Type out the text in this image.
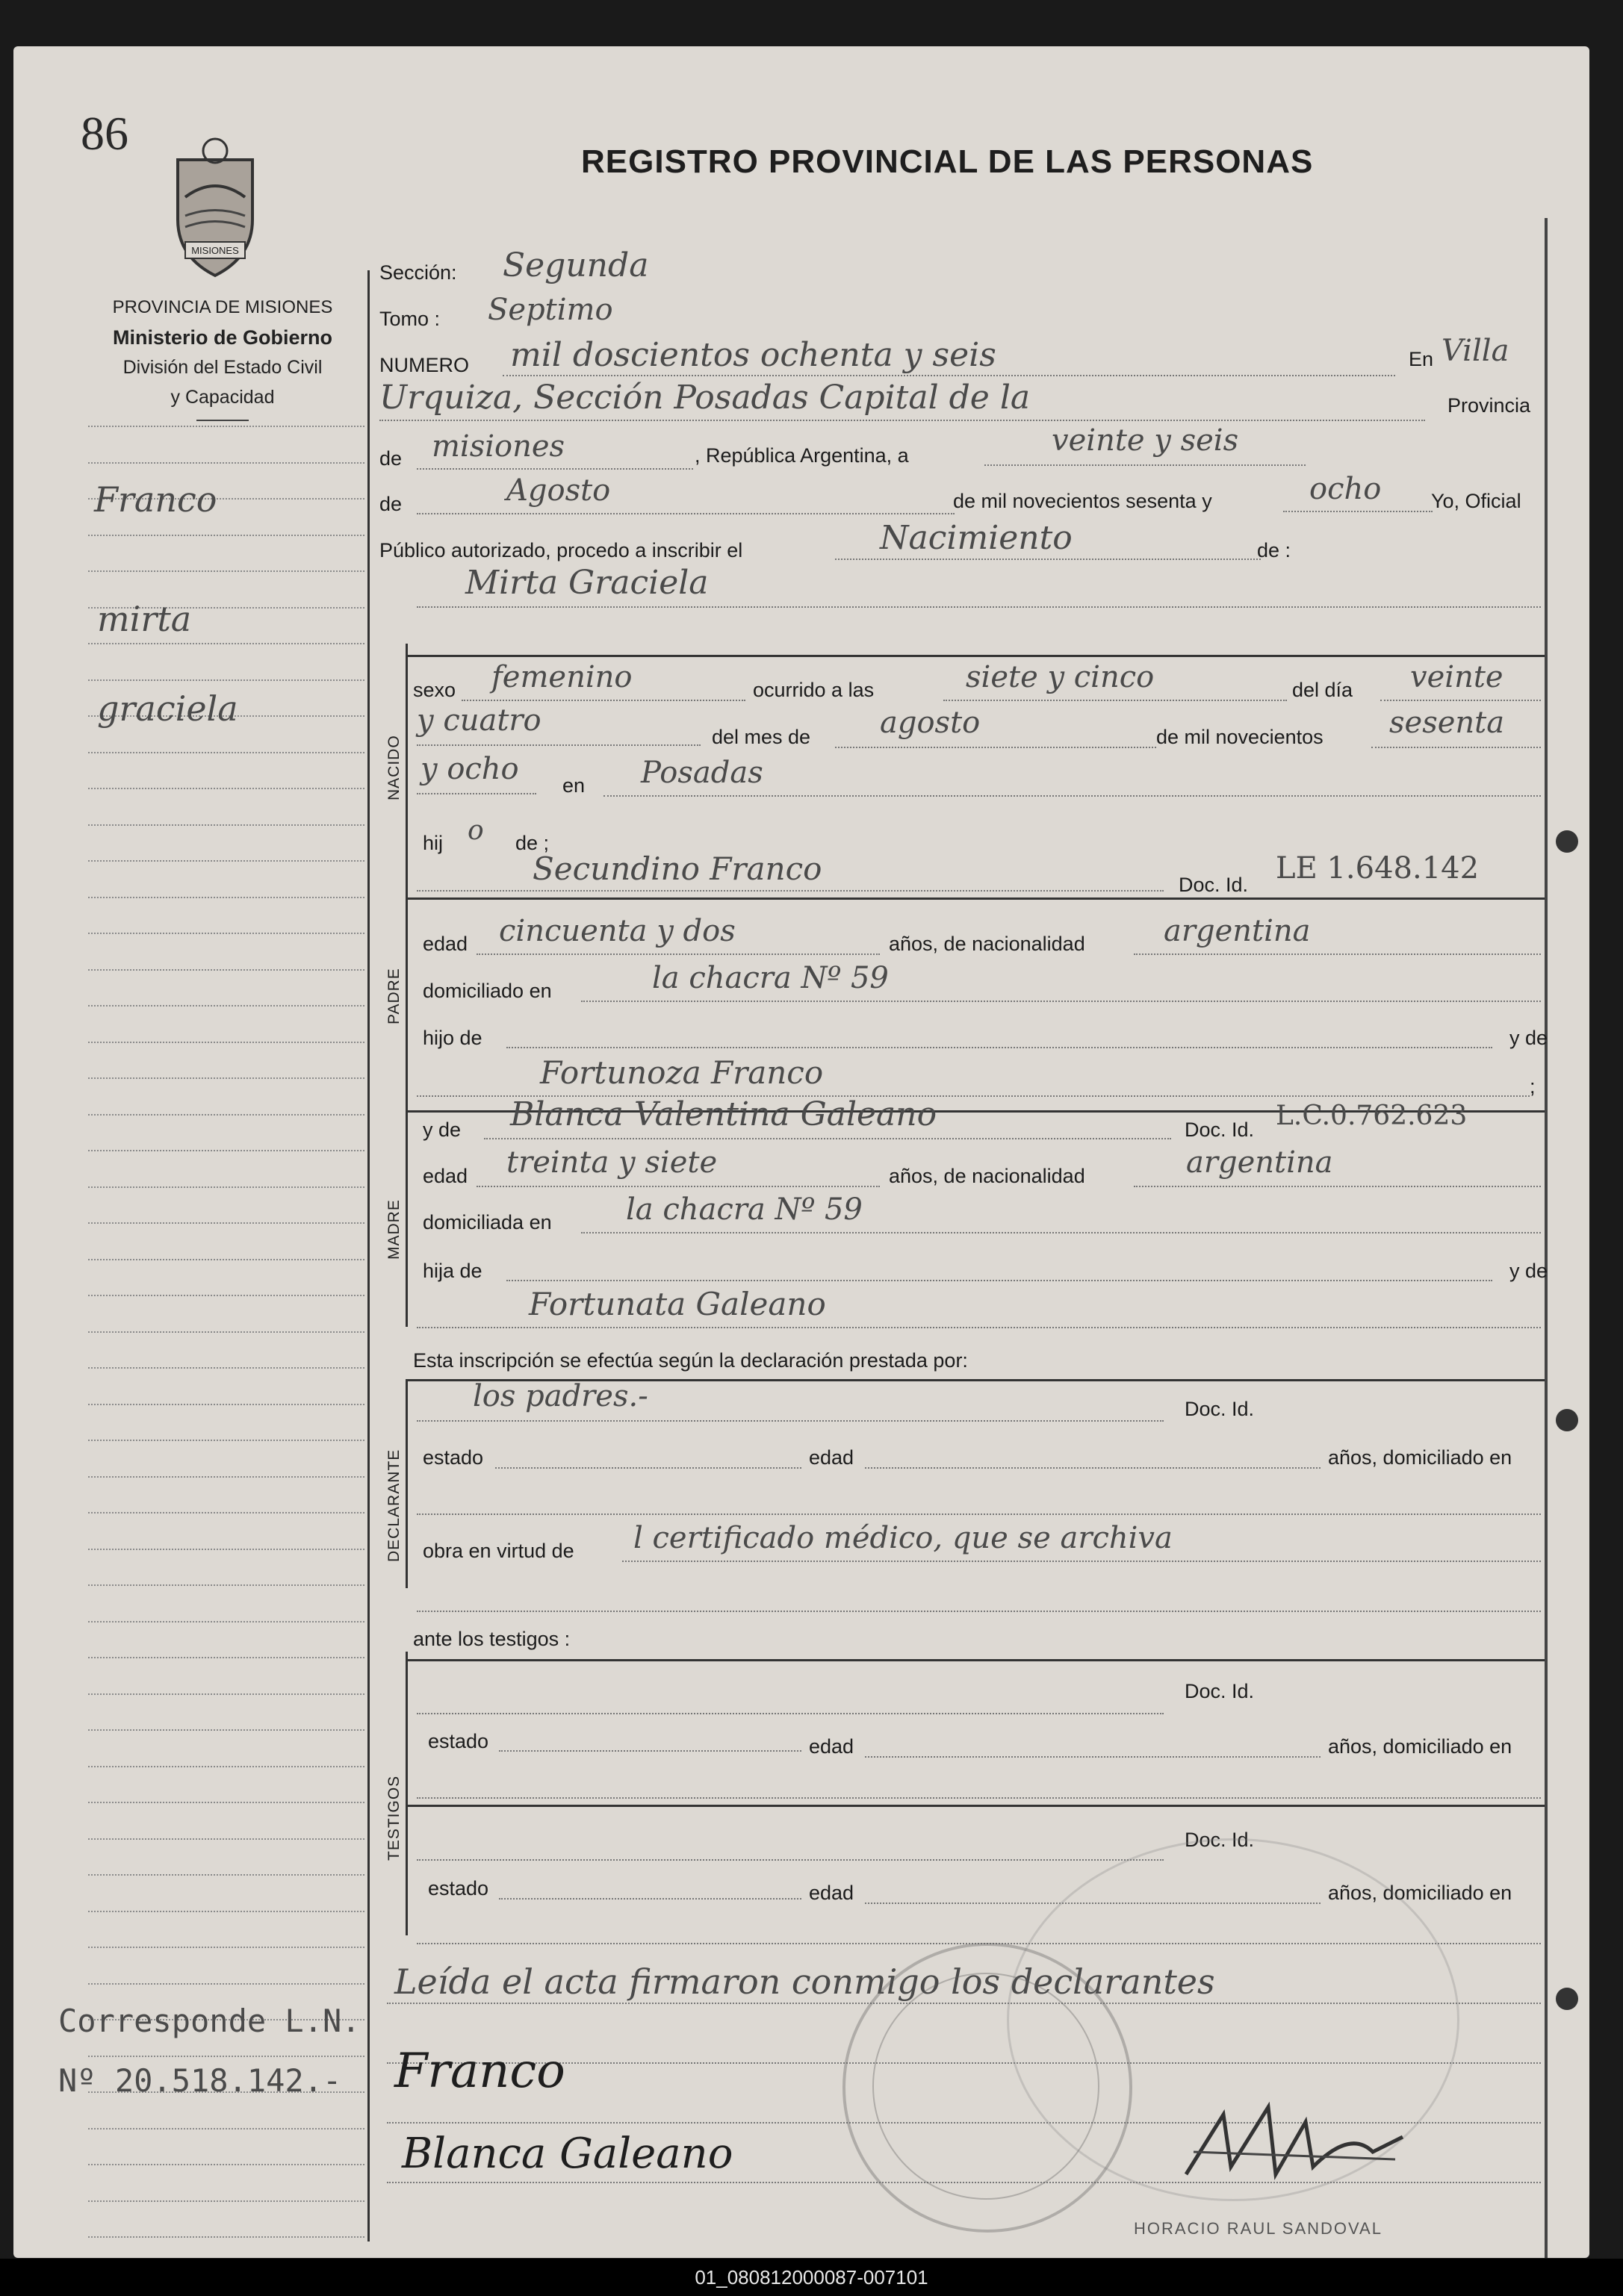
86
MISIONES
PROVINCIA DE MISIONES
Ministerio de Gobierno
División del Estado Civil
y Capacidad
REGISTRO PROVINCIAL DE LAS PERSONAS
Franco
mirta
graciela
Corresponde L.N.
Nº 20.518.142.-
NACIDO
PADRE
MADRE
DECLARANTE
TESTIGOS
Sección: Segunda
Tomo : Septimo
NUMERO mil doscientos ochenta y seis	En Villa
Urquiza, Sección Posadas Capital de la	Provincia
de misiones	, República Argentina, a	veinte y seis
de	Agosto	de mil novecientos sesenta y	ocho Yo, Oficial
Público autorizado, procedo a inscribir el	Nacimiento	de :
Mirta Graciela
sexo femenino	ocurrido a las	siete y cinco	del día veinte
y cuatro	del mes de agosto	de mil novecientos sesenta
y ocho en Posadas
hij o de ;
Secundino Franco	Doc. Id. LE 1.648.142
edad cincuenta y dos	años, de nacionalidad	argentina
domiciliado en	la chacra Nº 59
hijo de	y de
Fortunoza Franco	;
y de Blanca Valentina Galeano	Doc. Id. L.C.0.762.623
edad treinta y siete	años, de nacionalidad	argentina
domiciliada en la chacra Nº 59
hija de	y de
Fortunata Galeano
Esta inscripción se efectúa según la declaración prestada por:
los padres.-	Doc. Id.
estado	edad	años, domiciliado en
obra en virtud de l certificado médico, que se archiva
ante los testigos :
Doc. Id.
estado	edad	años, domiciliado en
Doc. Id.
estado	edad	años, domiciliado en
Leída el acta firmaron conmigo los declarantes
Franco
Blanca Galeano
HORACIO RAUL SANDOVAL
01_080812000087-007101
